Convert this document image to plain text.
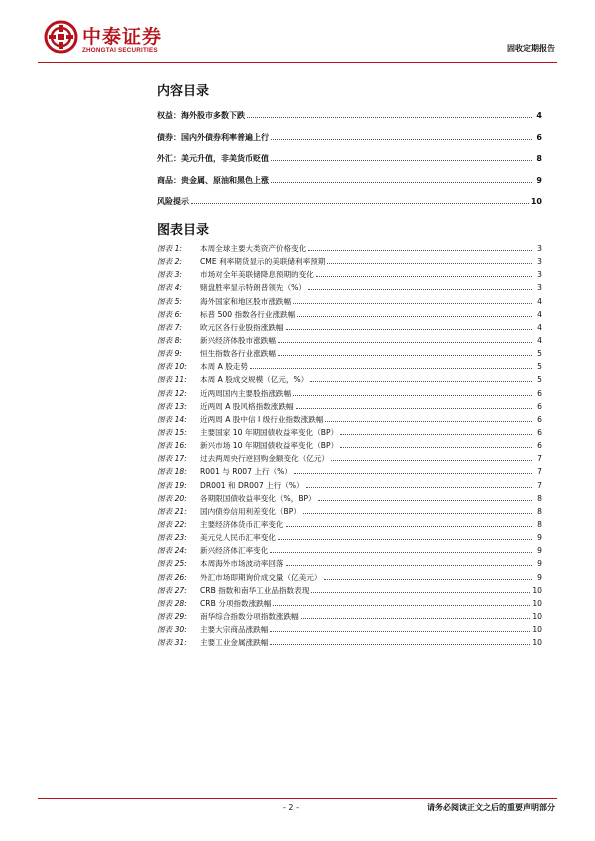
中泰证券
ZHONGTAI SECURITIES	固收定期报告
内容目录
权益：海外股市多数下跌	4
债券：国内外债券利率普遍上行	6
外汇：美元升值，非美货币贬值	8
商品：贵金属、原油和黑色上涨	9
风险提示	10
图表目录
图表 1:	本周全球主要大类资产价格变化	3
图表 2:	CME 利率期货显示的美联储利率预期	3
图表 3:	市场对全年美联储降息预期的变化	3
图表 4:	赌盘胜率显示特朗普领先（%）	3
图表 5:	海外国家和地区股市涨跌幅	4
图表 6:	标普 500 指数各行业涨跌幅	4
图表 7:	欧元区各行业股指涨跌幅	4
图表 8:	新兴经济体股市涨跌幅	4
图表 9:	恒生指数各行业涨跌幅	5
图表 10:	本周 A 股走势	5
图表 11:	本周 A 股成交规模（亿元，%）	5
图表 12:	近两周国内主要股指涨跌幅	6
图表 13:	近两周 A 股风格指数涨跌幅	6
图表 14:	近两周 A 股中信 I 级行业指数涨跌幅	6
图表 15:	主要国家 10 年期国债收益率变化（BP）	6
图表 16:	新兴市场 10 年期国债收益率变化（BP）	6
图表 17:	过去两周央行逆回购金额变化（亿元）	7
图表 18:	R001 与 R007 上行（%）	7
图表 19:	DR001 和 DR007 上行（%）	7
图表 20:	各期限国债收益率变化（%，BP）	8
图表 21:	国内债券信用利差变化（BP）	8
图表 22:	主要经济体货币汇率变化	8
图表 23:	美元兑人民币汇率变化	9
图表 24:	新兴经济体汇率变化	9
图表 25:	本周海外市场波动率回落	9
图表 26:	外汇市场即期询价成交量（亿美元）	9
图表 27:	CRB 指数和南华工业品指数表现	10
图表 28:	CRB 分项指数涨跌幅	10
图表 29:	南华综合指数分项指数涨跌幅	10
图表 30:	主要大宗商品涨跌幅	10
图表 31:	主要工业金属涨跌幅	10
- 2 -	请务必阅读正文之后的重要声明部分
